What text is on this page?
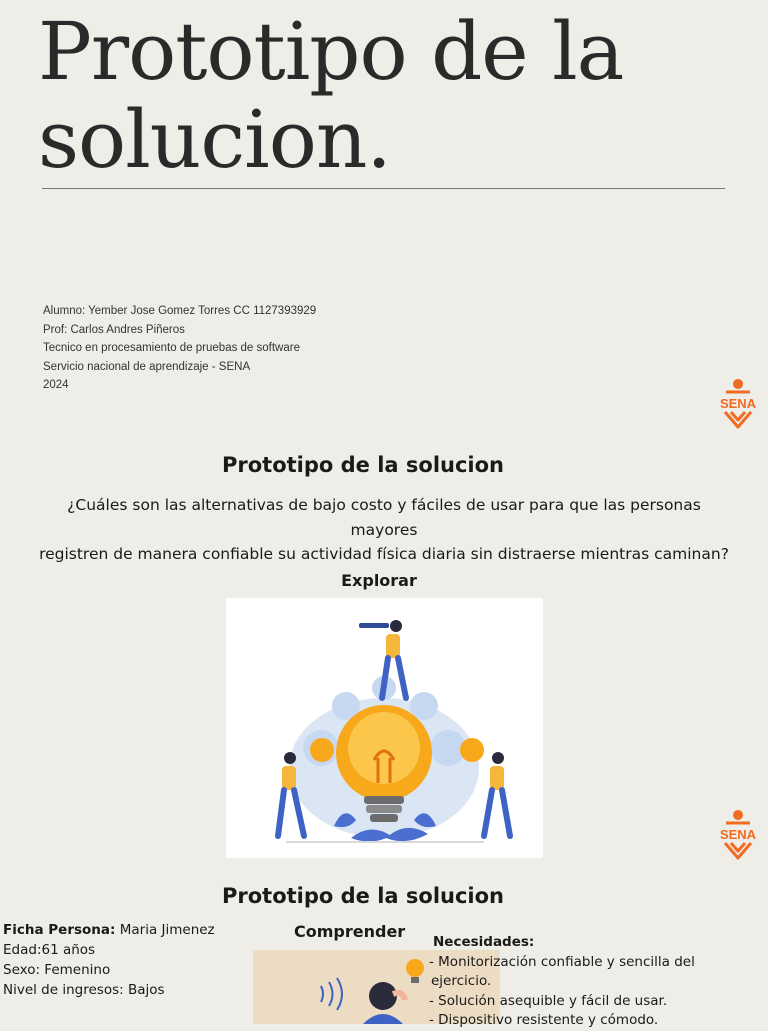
Prototipo de la
solucion.
Alumno: Yember Jose Gomez Torres CC 1127393929
Prof: Carlos Andres Piñeros
Tecnico en procesamiento de pruebas de software
Servicio nacional de aprendizaje - SENA
2024
SENA
Prototipo de la solucion
¿Cuáles son las alternativas de bajo costo y fáciles de usar para que las personas
mayores
registren de manera confiable su actividad física diaria sin distraerse mientras caminan?
Explorar
SENA
Prototipo de la solucion
Comprender
Ficha Persona: Maria Jimenez
Edad:61 años
Sexo: Femenino
Nivel de ingresos: Bajos
Necesidades:
- Monitorización confiable y sencilla del
ejercicio.
- Solución asequible y fácil de usar.
- Dispositivo resistente y cómodo.
